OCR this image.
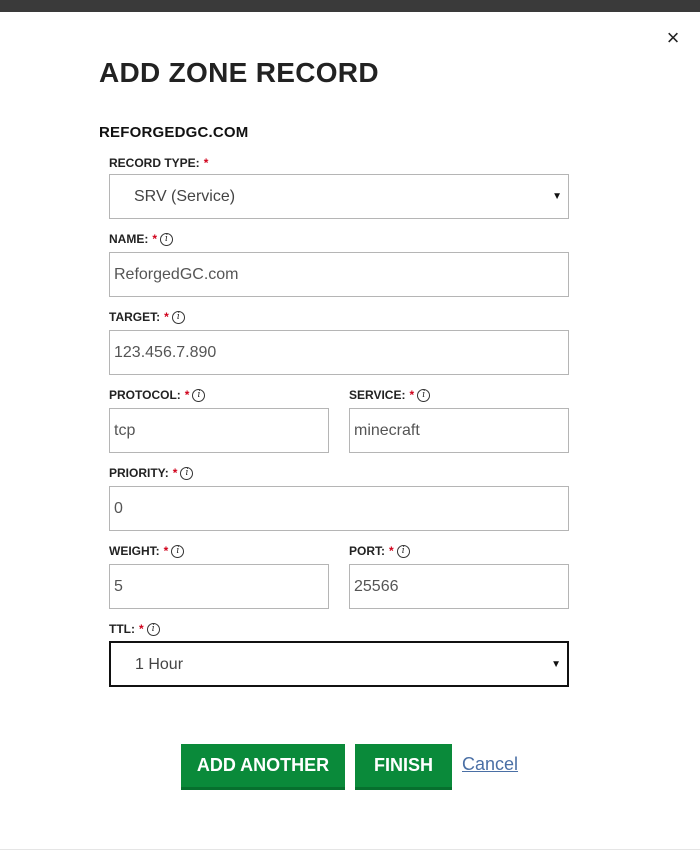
×
ADD ZONE RECORD
REFORGEDGC.COM
RECORD TYPE: *
SRV (Service)	▼
NAME: * i
ReforgedGC.com
TARGET: * i
123.456.7.890
PROTOCOL: * i
tcp	SERVICE: * i
minecraft
PRIORITY: * i
0
WEIGHT: * i
5	PORT: * i
25566
TTL: * i
1 Hour	▼
ADD ANOTHER	FINISH	Cancel
